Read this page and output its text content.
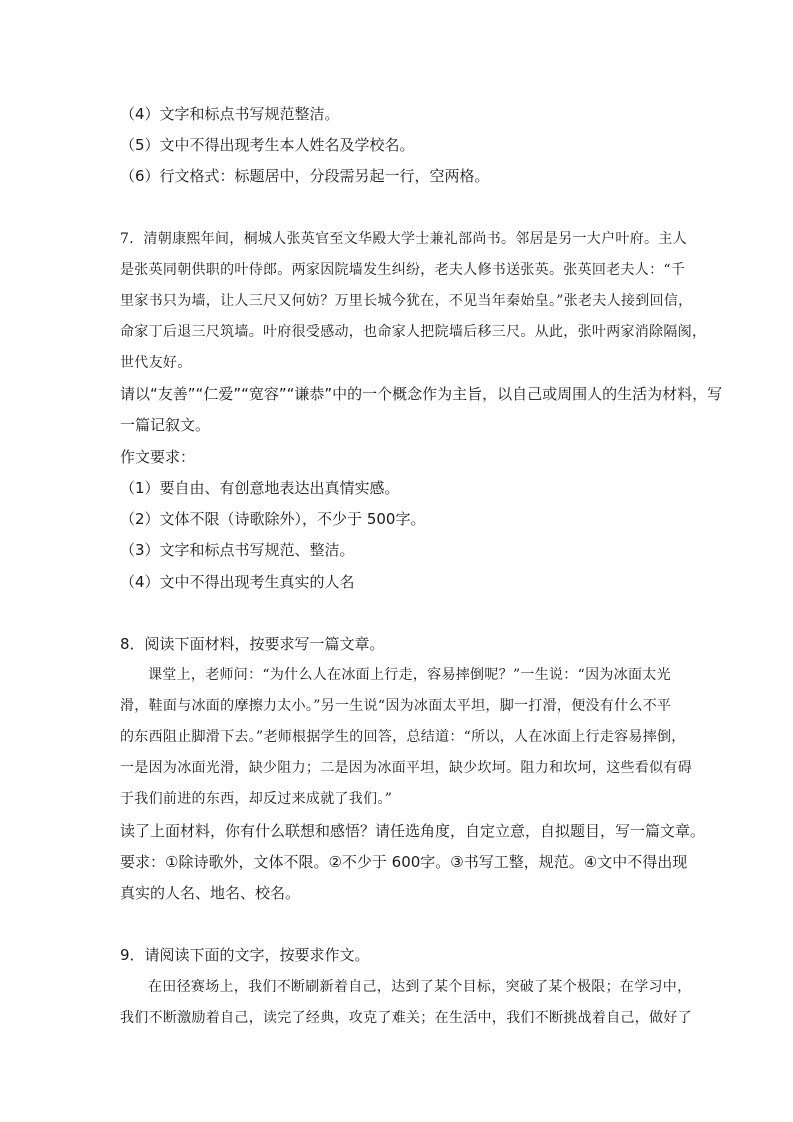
（4）文字和标点书写规范整洁。
（5）文中不得出现考生本人姓名及学校名。
（6）行文格式：标题居中，分段需另起一行，空两格。
7．清朝康熙年间，桐城人张英官至文华殿大学士兼礼部尚书。邻居是另一大户叶府。主人
是张英同朝供职的叶侍郎。两家因院墙发生纠纷，老夫人修书送张英。张英回老夫人：“千
里家书只为墙，让人三尺又何妨？万里长城今犹在，不见当年秦始皇。”张老夫人接到回信，
命家丁后退三尺筑墙。叶府很受感动，也命家人把院墙后移三尺。从此，张叶两家消除隔阂，
世代友好。
请以“友善”“仁爱”“宽容”“谦恭”中的一个概念作为主旨，以自己或周围人的生活为材料，写
一篇记叙文。
作文要求：
（1）要自由、有创意地表达出真情实感。
（2）文体不限（诗歌除外），不少于 500字。
（3）文字和标点书写规范、整洁。
（4）文中不得出现考生真实的人名
8．阅读下面材料，按要求写一篇文章。
课堂上，老师问：“为什么人在冰面上行走，容易摔倒呢？”一生说：“因为冰面太光
滑，鞋面与冰面的摩擦力太小。”另一生说“因为冰面太平坦，脚一打滑，便没有什么不平
的东西阻止脚滑下去。”老师根据学生的回答，总结道：“所以，人在冰面上行走容易摔倒，
一是因为冰面光滑，缺少阻力；二是因为冰面平坦，缺少坎坷。阻力和坎坷，这些看似有碍
于我们前进的东西，却反过来成就了我们。”
读了上面材料，你有什么联想和感悟？请任选角度，自定立意，自拟题目，写一篇文章。
要求：①除诗歌外，文体不限。②不少于 600字。③书写工整，规范。④文中不得出现
真实的人名、地名、校名。
9．请阅读下面的文字，按要求作文。
在田径赛场上，我们不断刷新着自己，达到了某个目标，突破了某个极限；在学习中，
我们不断激励着自己，读完了经典，攻克了难关；在生活中，我们不断挑战着自己，做好了
